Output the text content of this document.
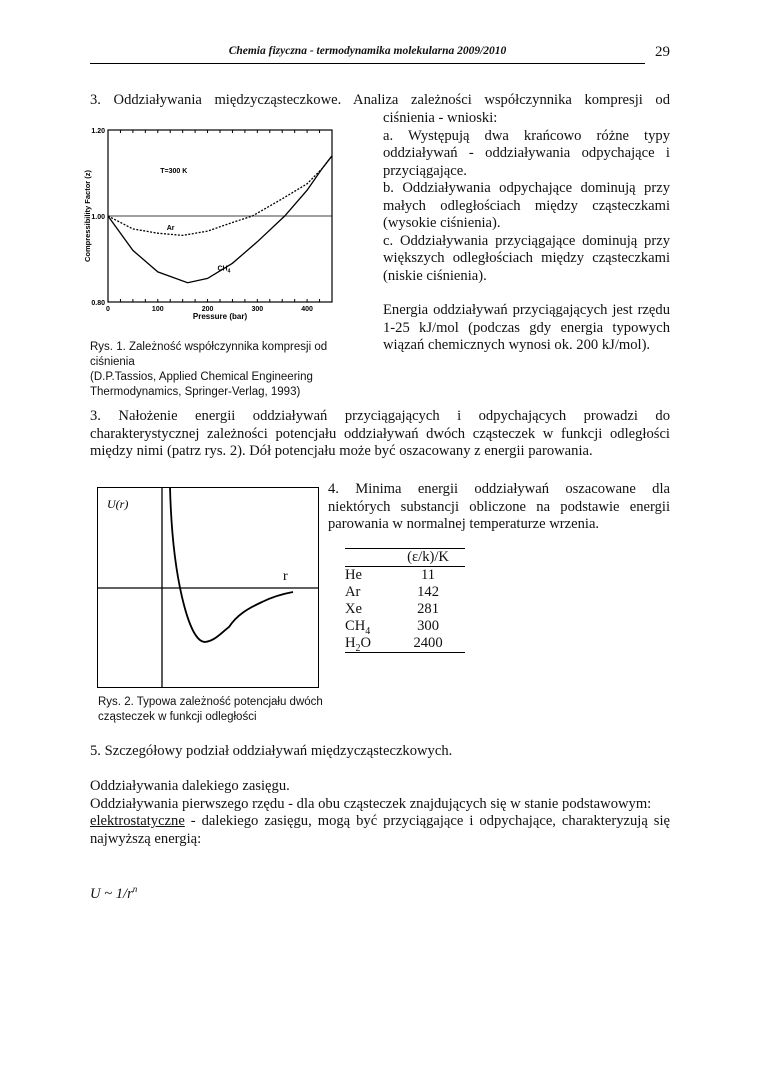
Chemia fizyczna - termodynamika molekularna 2009/2010	29
3. Oddziaływania międzycząsteczkowe. Analiza zależności współczynnika kompresji od
ciśnienia - wnioski:
a. Występują dwa krańcowo różne typy oddziaływań - oddziaływania odpychające i przyciągające.
b. Oddziaływania odpychające dominują przy małych odległościach między cząsteczkami (wysokie ciśnienia).
c. Oddziaływania przyciągające dominują przy większych odległościach między cząsteczkami (niskie ciśnienia).
Energia oddziaływań przyciągających jest rzędu 1-25 kJ/mol (podczas gdy energia typowych wiązań chemicznych wynosi ok. 200 kJ/mol).
0	100	200	300	400
0.80
1.00
1.20
Pressure (bar)
Compressibility Factor (z)	T=300 K
Ar
$CH_4$
Rys. 1. Zależność współczynnika kompresji od ciśnienia
(D.P.Tassios, Applied Chemical Engineering
Thermodynamics, Springer-Verlag, 1993)
3. Nałożenie energii oddziaływań przyciągających i odpychających prowadzi do charakterystycznej zależności potencjału oddziaływań dwóch cząsteczek w funkcji odległości między nimi (patrz rys. 2). Dół potencjału może być oszacowany z energii parowania.
U(r)
r
Rys. 2. Typowa zależność potencjału dwóch
cząsteczek w funkcji odległości
4. Minima energii oddziaływań oszacowane dla niektórych substancji obliczone na podstawie energii parowania w normalnej temperaturze wrzenia.
	(ε/k)/K
He	11
Ar	142
Xe	281
$CH_4$	300
$H_2O$	2400
5. Szczegółowy podział oddziaływań międzycząsteczkowych.
Oddziaływania dalekiego zasięgu.
Oddziaływania pierwszego rzędu - dla obu cząsteczek znajdujących się w stanie podstawowym:
elektrostatyczne - dalekiego zasięgu, mogą być przyciągające i odpychające, charakteryzują się najwyższą energią:
U ~ $1/r^n$
